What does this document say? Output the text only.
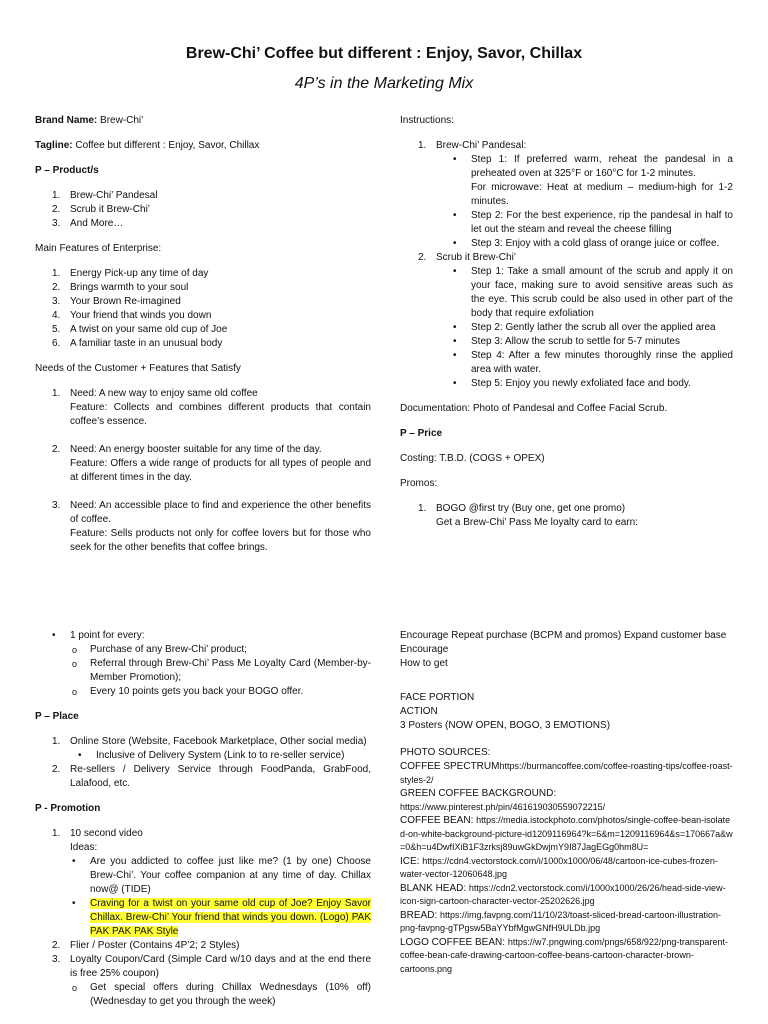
Brew-Chi’ Coffee but different : Enjoy, Savor, Chillax
4P’s in the Marketing Mix

Brand Name: Brew-Chi’

Tagline: Coffee but different : Enjoy, Savor, Chillax

P – Product/s

1. Brew-Chi’ Pandesal
2. Scrub it Brew-Chi’
3. And More…

Main Features of Enterprise:

1. Energy Pick-up any time of day
2. Brings warmth to your soul
3. Your Brown Re-imagined
4. Your friend that winds you down
5. A twist on your same old cup of Joe
6. A familiar taste in an unusual body

Needs of the Customer + Features that Satisfy

1. Need: A new way to enjoy same old coffee
Feature: Collects and combines different products that contain coffee’s essence.
2. Need: An energy booster suitable for any time of the day.
Feature: Offers a wide range of products for all types of people and at different times in the day.
3. Need: An accessible place to find and experience the other benefits of coffee.
Feature: Sells products not only for coffee lovers but for those who seek for the other benefits that coffee brings.

Instructions:

1. Brew-Chi’ Pandesal:
• Step 1: If preferred warm, reheat the pandesal in a preheated oven at 325°F or 160°C for 1-2 minutes.
For microwave: Heat at medium – medium-high for 1-2 minutes.
• Step 2: For the best experience, rip the pandesal in half to let out the steam and reveal the cheese filling
• Step 3: Enjoy with a cold glass of orange juice or coffee.
2. Scrub it Brew-Chi’
• Step 1: Take a small amount of the scrub and apply it on your face, making sure to avoid sensitive areas such as the eye. This scrub could be also used in other part of the body that require exfoliation
• Step 2: Gently lather the scrub all over the applied area
• Step 3: Allow the scrub to settle for 5-7 minutes
• Step 4: After a few minutes thoroughly rinse the applied area with water.
• Step 5: Enjoy you newly exfoliated face and body.

Documentation: Photo of Pandesal and Coffee Facial Scrub.

P – Price

Costing: T.B.D. (COGS + OPEX)

Promos:

1. BOGO @first try (Buy one, get one promo)
Get a Brew-Chi’ Pass Me loyalty card to earn:
• 1 point for every:
o Purchase of any Brew-Chi’ product;
o Referral through Brew-Chi’ Pass Me Loyalty Card (Member-by-Member Promotion);
o Every 10 points gets you back your BOGO offer.

P – Place

1. Online Store (Website, Facebook Marketplace, Other social media)
• Inclusive of Delivery System (Link to to re-seller service)
2. Re-sellers / Delivery Service through FoodPanda, GrabFood, Lalafood, etc.

P - Promotion

1. 10 second video
Ideas:
• Are you addicted to coffee just like me? (1 by one) Choose Brew-Chi’. Your coffee companion at any time of day. Chillax now@ (TIDE)
• Craving for a twist on your same old cup of Joe? Enjoy Savor Chillax. Brew-Chi’ Your friend that winds you down. (Logo) PAK PAK PAK PAK Style
2. Flier / Poster (Contains 4P’2; 2 Styles)
3. Loyalty Coupon/Card (Simple Card w/10 days and at the end there is free 25% coupon)
o Get special offers during Chillax Wednesdays (10% off) (Wednesday to get you through the week)

Encourage Repeat purchase (BCPM and promos) Expand customer base

Encourage

How to get

FACE PORTION

ACTION

3 Posters (NOW OPEN, BOGO, 3 EMOTIONS)

PHOTO SOURCES:

COFFEE SPECTRUMhttps://burmancoffee.com/coffee-roasting-tips/coffee-roast-styles-2/
GREEN COFFEE BACKGROUND:
https://www.pinterest.ph/pin/461619030559072215/
COFFEE BEAN: https://media.istockphoto.com/photos/single-coffee-bean-isolated-on-white-background-picture-id1209116964?k=6&m=1209116964&s=170667a&w=0&h=u4DwfIXiB1F3zrksj89uwGkDwjmY9I87JagEGg0hm8U=
ICE: https://cdn4.vectorstock.com/i/1000x1000/06/48/cartoon-ice-cubes-frozen-water-vector-12060648.jpg
BLANK HEAD: https://cdn2.vectorstock.com/i/1000x1000/26/26/head-side-view-icon-sign-cartoon-character-vector-25202626.jpg
BREAD: https://img.favpng.com/11/10/23/toast-sliced-bread-cartoon-illustration-png-favpng-gTPgsw5BaYYbfMgwGNfH9ULDb.jpg
LOGO COFFEE BEAN: https://w7.pngwing.com/pngs/658/922/png-transparent-coffee-bean-cafe-drawing-cartoon-coffee-beans-cartoon-character-brown-cartoons.png
